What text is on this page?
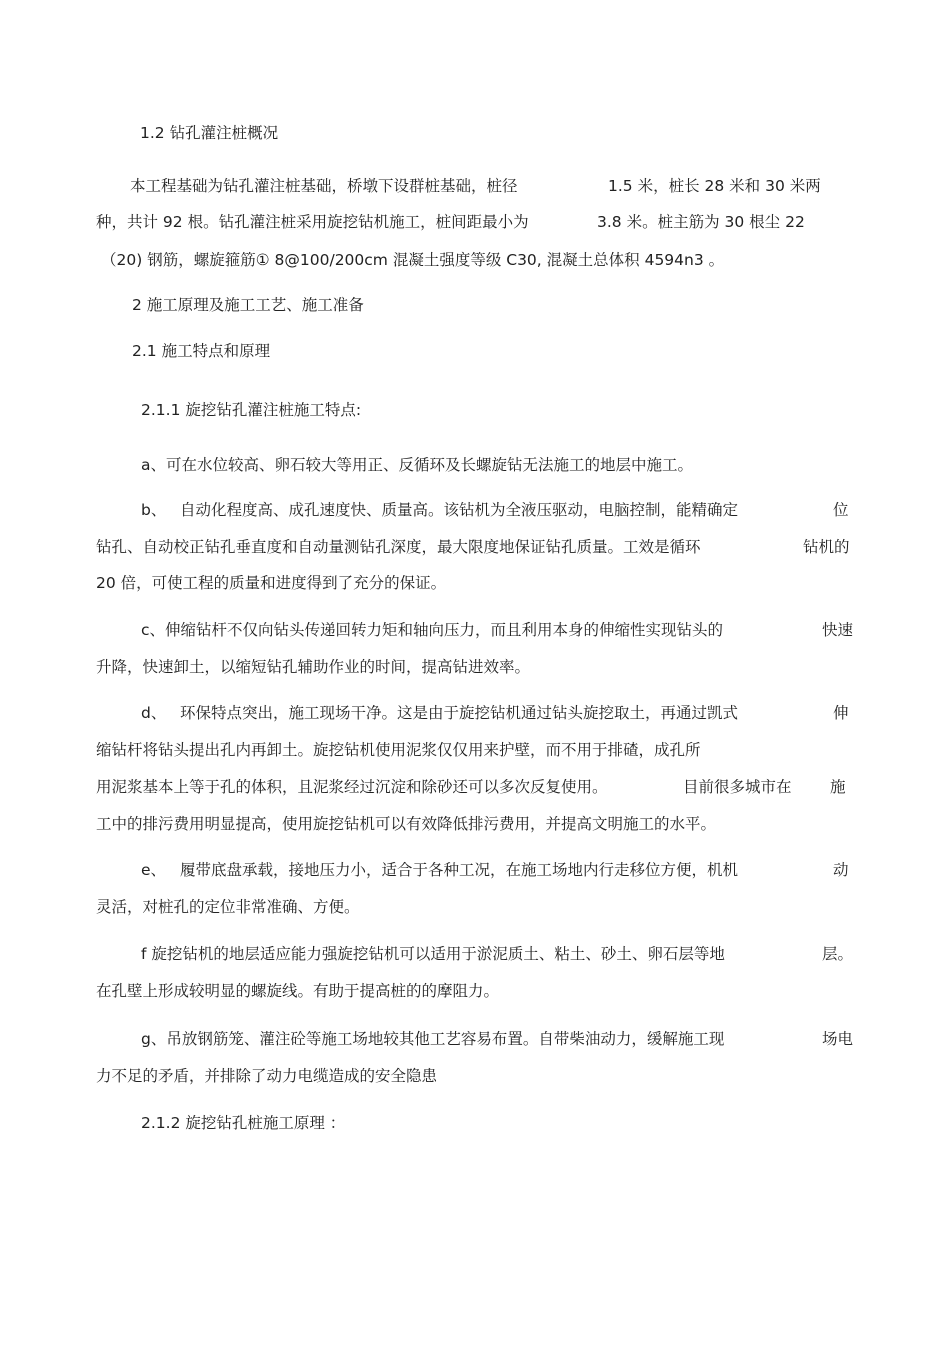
1.2 钻孔灌注桩概况
本工程基础为钻孔灌注桩基础，桥墩下设群桩基础，桩径	1.5 米，桩长 28 米和 30 米两
种，共计 92 根。钻孔灌注桩采用旋挖钻机施工，桩间距最小为	3.8 米。桩主筋为 30 根尘 22
（20) 钢筋，螺旋箍筋① 8@100/200cm 混凝土强度等级 C30, 混凝土总体积 4594n3 。
2 施工原理及施工工艺、施工准备
2.1 施工特点和原理
2.1.1 旋挖钻孔灌注桩施工特点:
a、可在水位较高、卵石较大等用正、反循环及长螺旋钻无法施工的地层中施工。
b、 自动化程度高、成孔速度快、质量高。该钻机为全液压驱动，电脑控制，能精确定	位
钻孔、自动校正钻孔垂直度和自动量测钻孔深度，最大限度地保证钻孔质量。工效是循环	钻机的
20 倍，可使工程的质量和进度得到了充分的保证。
c、伸缩钻杆不仅向钻头传递回转力矩和轴向压力，而且利用本身的伸缩性实现钻头的	快速
升降，快速卸土，以缩短钻孔辅助作业的时间，提高钻进效率。
d、 环保特点突出，施工现场干净。这是由于旋挖钻机通过钻头旋挖取土，再通过凯式	伸
缩钻杆将钻头提出孔内再卸土。旋挖钻机使用泥浆仅仅用来护壁，而不用于排碴，成孔所
用泥浆基本上等于孔的体积，且泥浆经过沉淀和除砂还可以多次反复使用。	目前很多城市在 施
工中的排污费用明显提高，使用旋挖钻机可以有效降低排污费用，并提高文明施工的水平。
e、 履带底盘承载，接地压力小，适合于各种工况，在施工场地内行走移位方便，机机	动
灵活，对桩孔的定位非常准确、方便。
f 旋挖钻机的地层适应能力强旋挖钻机可以适用于淤泥质土、粘土、砂土、卵石层等地	层。
在孔壁上形成较明显的螺旋线。有助于提高桩的的摩阻力。
g、吊放钢筋笼、灌注砼等施工场地较其他工艺容易布置。自带柴油动力，缓解施工现	场电
力不足的矛盾，并排除了动力电缆造成的安全隐患
2.1.2 旋挖钻孔桩施工原理 ：
